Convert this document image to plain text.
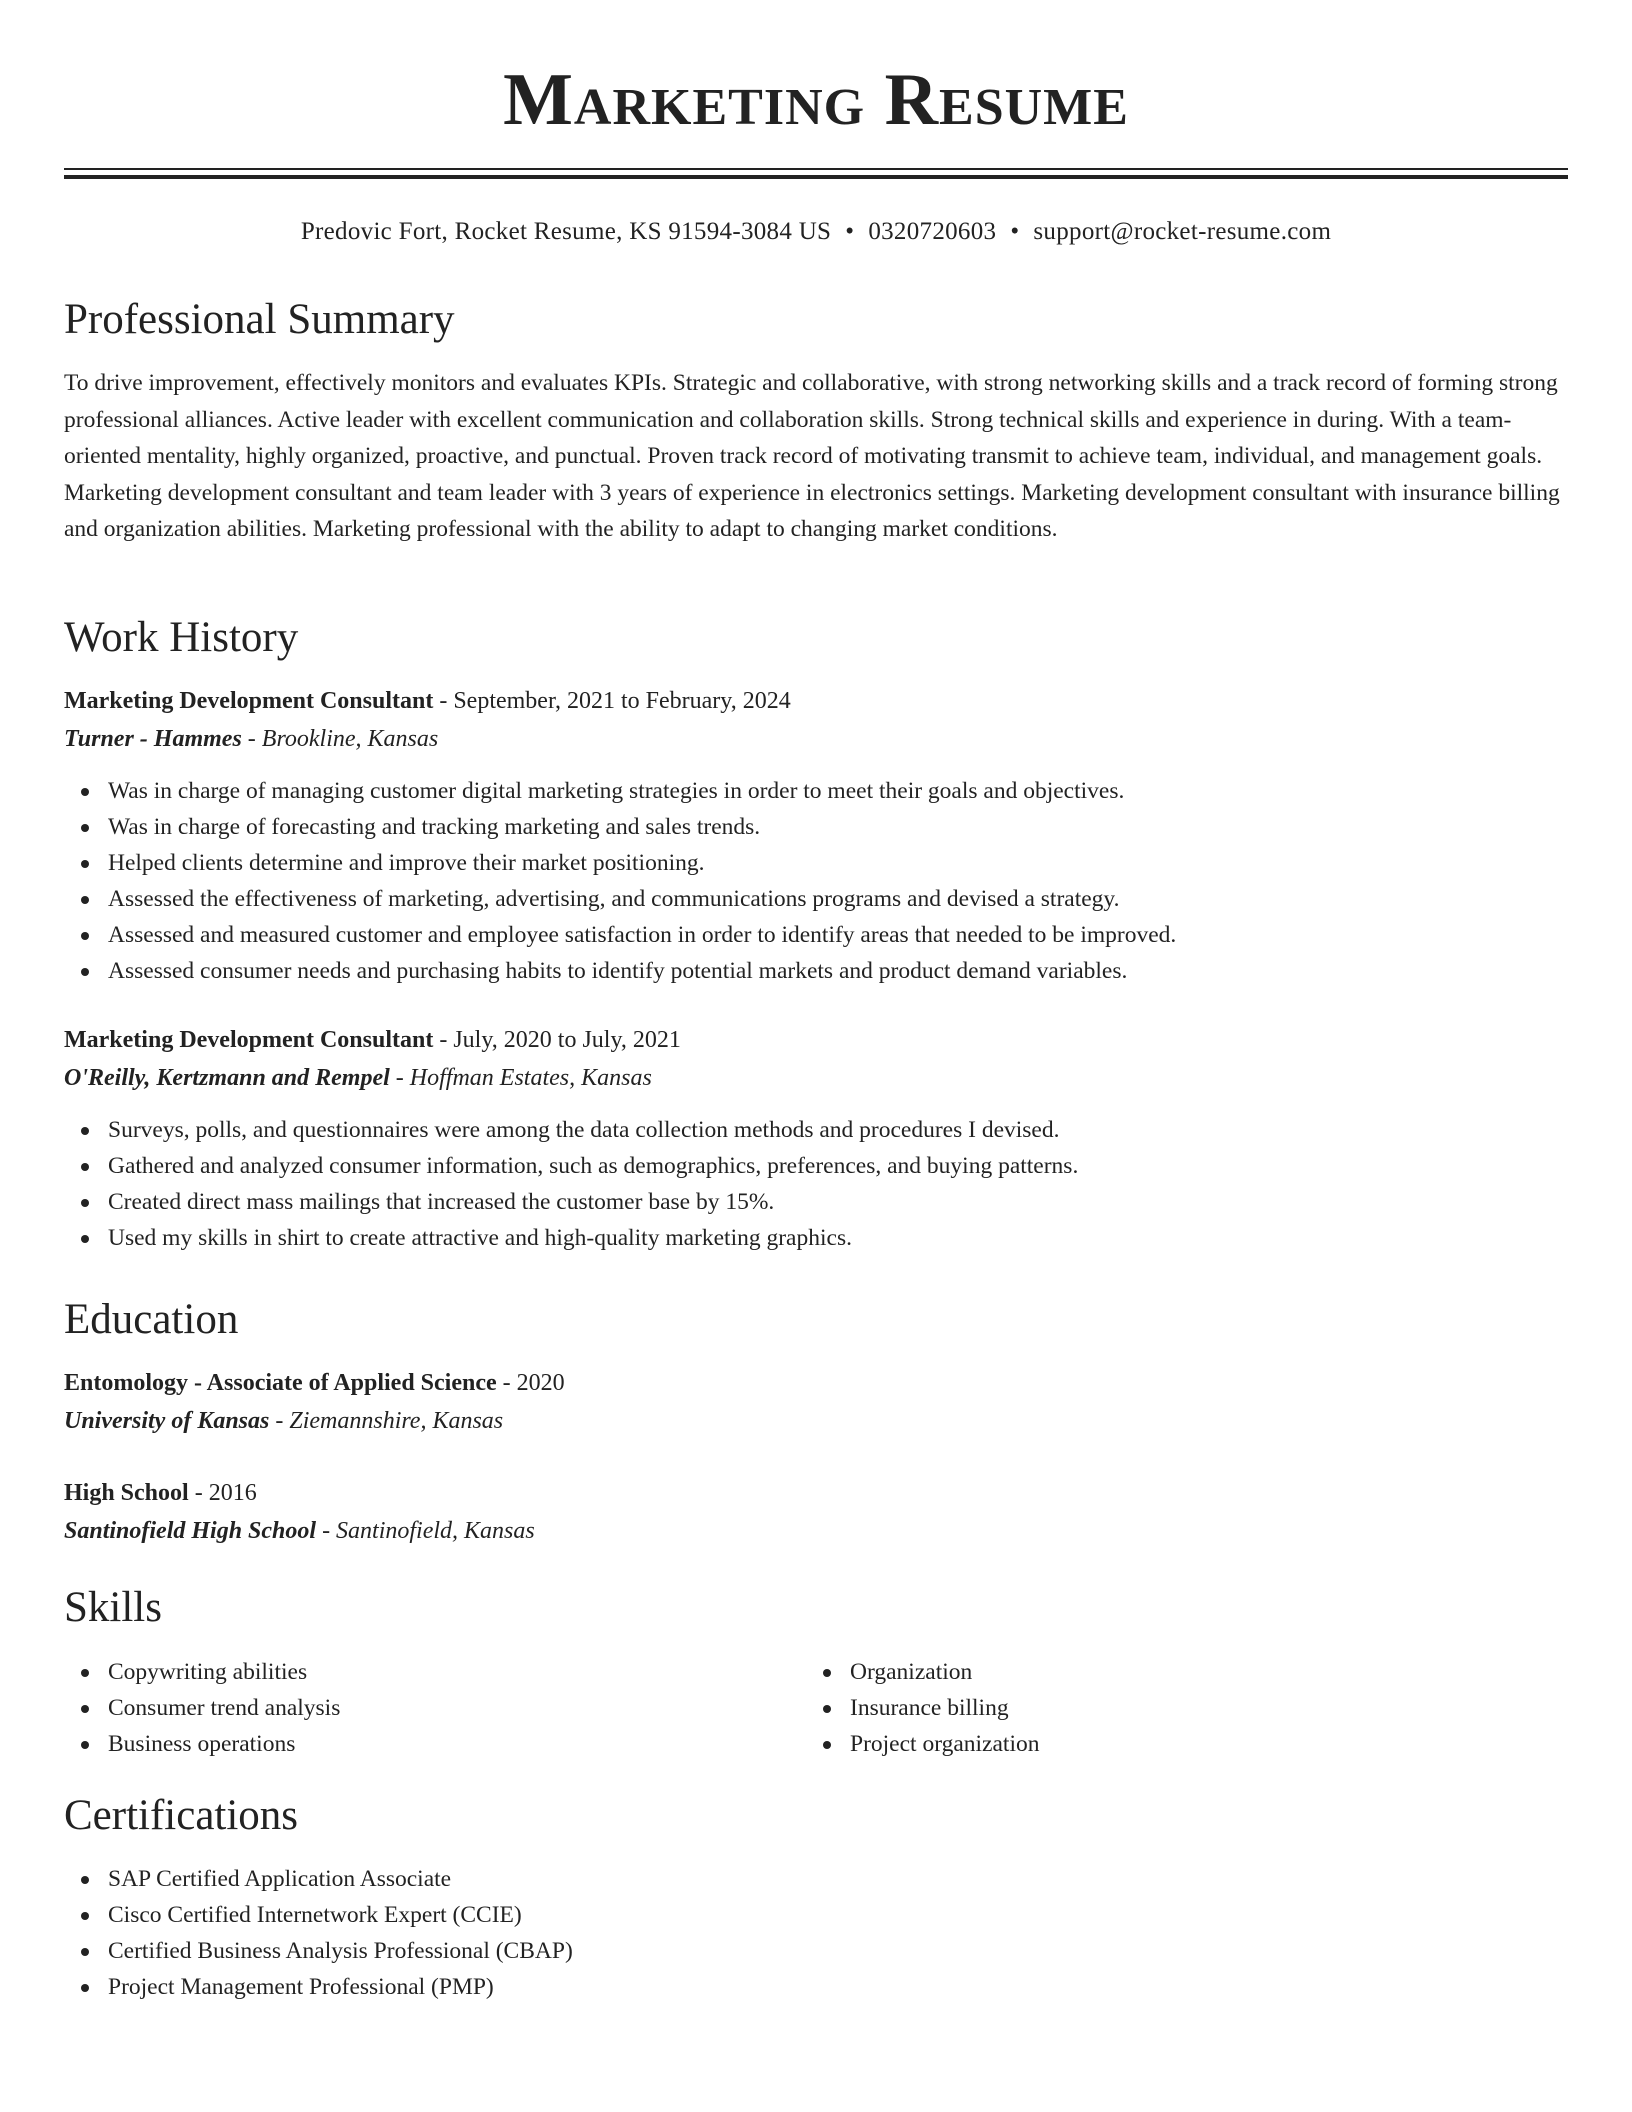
Marketing Resume
Predovic Fort, Rocket Resume, KS 91594-3084 US • 0320720603 • support@rocket-resume.com
Professional Summary

To drive improvement, effectively monitors and evaluates KPIs. Strategic and collaborative, with strong networking skills and a track record of forming strong professional alliances. Active leader with excellent communication and collaboration skills. Strong technical skills and experience in during. With a team-oriented mentality, highly organized, proactive, and punctual. Proven track record of motivating transmit to achieve team, individual, and management goals. Marketing development consultant and team leader with 3 years of experience in electronics settings. Marketing development consultant with insurance billing and organization abilities. Marketing professional with the ability to adapt to changing market conditions.

Work History
Marketing Development Consultant - September, 2021 to February, 2024
Turner - Hammes - Brookline, Kansas
Was in charge of managing customer digital marketing strategies in order to meet their goals and objectives.
Was in charge of forecasting and tracking marketing and sales trends.
Helped clients determine and improve their market positioning.
Assessed the effectiveness of marketing, advertising, and communications programs and devised a strategy.
Assessed and measured customer and employee satisfaction in order to identify areas that needed to be improved.
Assessed consumer needs and purchasing habits to identify potential markets and product demand variables.
Marketing Development Consultant - July, 2020 to July, 2021
O'Reilly, Kertzmann and Rempel - Hoffman Estates, Kansas
Surveys, polls, and questionnaires were among the data collection methods and procedures I devised.
Gathered and analyzed consumer information, such as demographics, preferences, and buying patterns.
Created direct mass mailings that increased the customer base by 15%.
Used my skills in shirt to create attractive and high-quality marketing graphics.
Education
Entomology - Associate of Applied Science - 2020
University of Kansas - Ziemannshire, Kansas
High School - 2016
Santinofield High School - Santinofield, Kansas
Skills
Copywriting abilities
Consumer trend analysis
Business operations
Organization
Insurance billing
Project organization
Certifications
SAP Certified Application Associate
Cisco Certified Internetwork Expert (CCIE)
Certified Business Analysis Professional (CBAP)
Project Management Professional (PMP)
